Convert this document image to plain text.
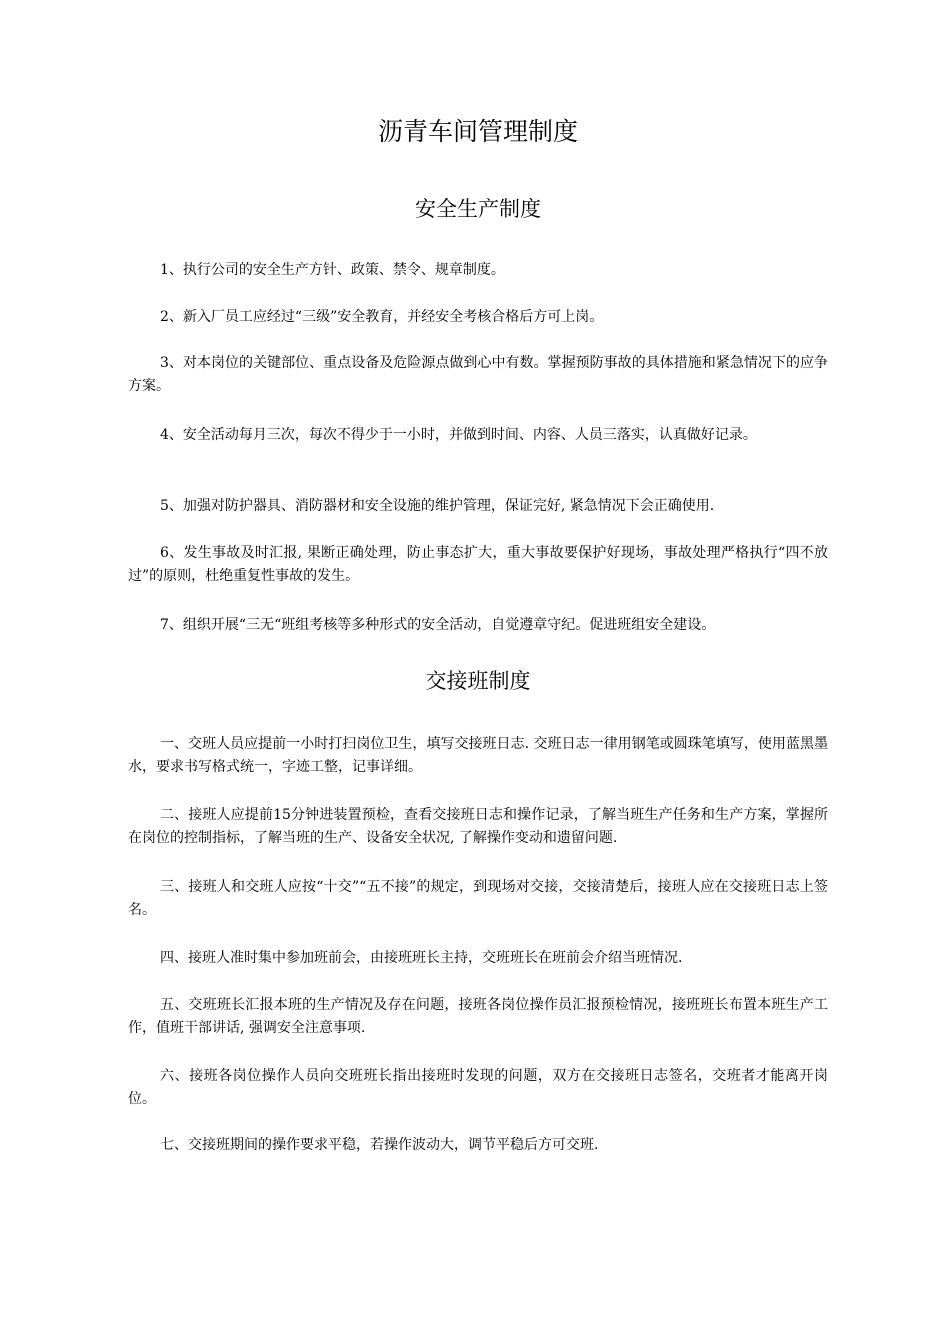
沥青车间管理制度
安全生产制度

1、执行公司的安全生产方针、政策、禁令、规章制度。

2、新入厂员工应经过“三级”安全教育，并经安全考核合格后方可上岗。

3、对本岗位的关键部位、重点设备及危险源点做到心中有数。掌握预防事故的具体措施和紧急情况下的应争方案。

4、安全活动每月三次，每次不得少于一小时，并做到时间、内容、人员三落实，认真做好记录。

5、加强对防护器具、消防器材和安全设施的维护管理，保证完好, 紧急情况下会正确使用.

6、发生事故及时汇报, 果断正确处理，防止事态扩大，重大事故要保护好现场，事故处理严格执行“四不放过”的原则，杜绝重复性事故的发生。

7、组织开展“三无“班组考核等多种形式的安全活动，自觉遵章守纪。促进班组安全建设。

交接班制度

一、交班人员应提前一小时打扫岗位卫生，填写交接班日志. 交班日志一律用钢笔或圆珠笔填写，使用蓝黑墨水，要求书写格式统一，字迹工整，记事详细。

二、接班人应提前15分钟进装置预检，查看交接班日志和操作记录，了解当班生产任务和生产方案，掌握所在岗位的控制指标，了解当班的生产、设备安全状况, 了解操作变动和遗留问题.

三、接班人和交班人应按“十交”“五不接”的规定，到现场对交接，交接清楚后，接班人应在交接班日志上签名。

四、接班人准时集中参加班前会，由接班班长主持，交班班长在班前会介绍当班情况.

五、交班班长汇报本班的生产情况及存在问题，接班各岗位操作员汇报预检情况，接班班长布置本班生产工作，值班干部讲话, 强调安全注意事项.

六、接班各岗位操作人员向交班班长指出接班时发现的问题，双方在交接班日志签名，交班者才能离开岗位。

七、交接班期间的操作要求平稳，若操作波动大，调节平稳后方可交班.
